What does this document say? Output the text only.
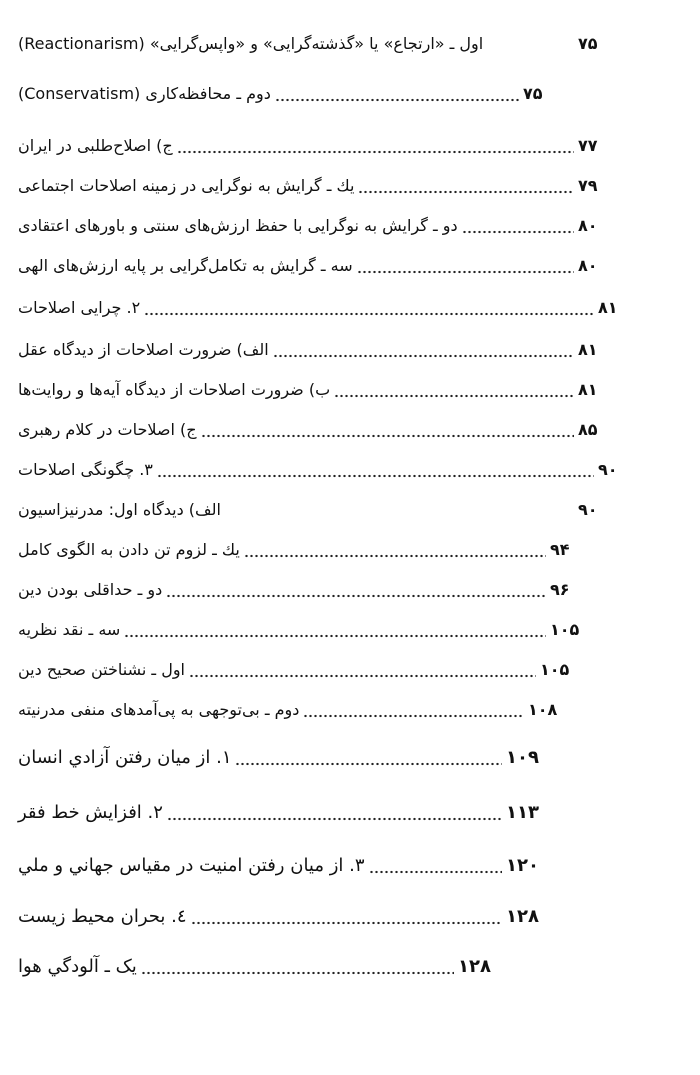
اول ـ «ارتجاع» یا «گذشته‌گرایی» و «واپس‌گرایی» (Reactionarism)	۷۵
دوم ـ محافظه‌کاری (Conservatism)	۷۵
ج) اصلاح‌طلبی در ایران	۷۷
یك ـ گرایش به نوگرایی در زمینه اصلاحات اجتماعی	۷۹
دو ـ گرایش به نوگرایی با حفظ ارزش‌های سنتی و باورهای اعتقادی	۸۰
سه ـ گرایش به تکامل‌گرایی بر پایه ارزش‌های الهی	۸۰
۲. چرایی اصلاحات	۸۱
الف) ضرورت اصلاحات از دیدگاه عقل	۸۱
ب) ضرورت اصلاحات از دیدگاه آیه‌ها و روایت‌ها	۸۱
ج) اصلاحات در کلام رهبری	۸۵
۳. چگونگی اصلاحات	۹۰
الف) دیدگاه اول: مدرنیزاسیون	۹۰
یك ـ لزوم تن دادن به الگوی کامل	۹۴
دو ـ حداقلی بودن دین	۹۶
سه ـ نقد نظریه	۱۰۵
اول ـ نشناختن صحیح دین	۱۰۵
دوم ـ بی‌توجهی به پی‌آمدهای منفی مدرنیته	۱۰۸
۱. از میان رفتن آزادي انسان	۱۰۹
۲. افزایش خط فقر	۱۱۳
۳. از میان رفتن امنیت در مقیاس جهاني و ملي	۱۲۰
٤. بحران محیط زیست	۱۲۸
یک ـ آلودگي هوا	۱۲۸
